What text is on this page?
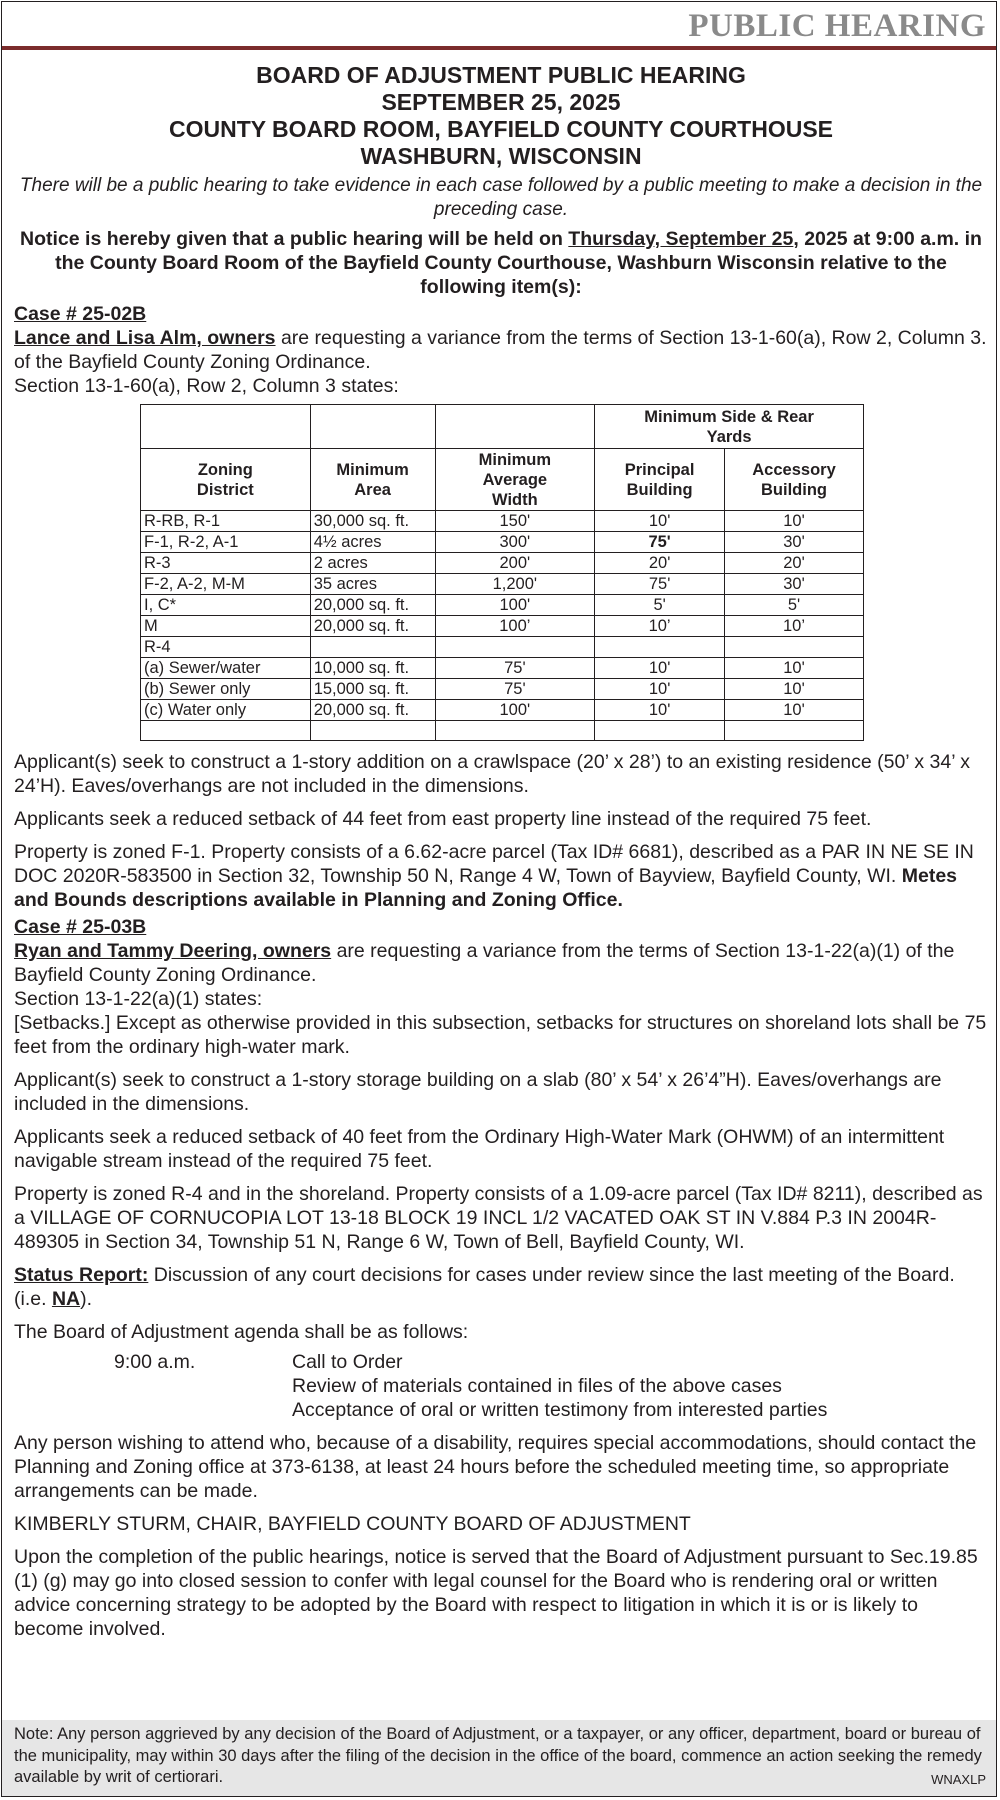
PUBLIC HEARING
BOARD OF ADJUSTMENT PUBLIC HEARING
SEPTEMBER 25, 2025
COUNTY BOARD ROOM, BAYFIELD COUNTY COURTHOUSE
WASHBURN, WISCONSIN

There will be a public hearing to take evidence in each case followed by a public meeting to make a decision in the preceding case.

Notice is hereby given that a public hearing will be held on Thursday, September 25, 2025 at 9:00 a.m. in the County Board Room of the Bayfield County Courthouse, Washburn Wisconsin relative to the following item(s):

Case # 25-02B

Lance and Lisa Alm, owners are requesting a variance from the terms of Section 13-1-60(a), Row 2, Column 3. of the Bayfield County Zoning Ordinance.

Section 13-1-60(a), Row 2, Column 3 states:

			Minimum Side & Rear Yards	
Zoning District	Minimum Area	Minimum Average Width	Principal Building	Accessory Building
R-RB, R-1	30,000 sq. ft.	150'	10'	10'
F-1, R-2, A-1	4½ acres	300'	75'	30'
R-3	2 acres	200'	20'	20'
F-2, A-2, M-M	35 acres	1,200'	75'	30'
I, C*	20,000 sq. ft.	100'	5'	5'
M	20,000 sq. ft.	100’	10’	10’
R-4				
(a) Sewer/water	10,000 sq. ft.	75'	10'	10'
(b) Sewer only	15,000 sq. ft.	75'	10'	10'
(c) Water only	20,000 sq. ft.	100'	10'	10'

Applicant(s) seek to construct a 1-story addition on a crawlspace (20’ x 28’) to an existing residence (50’ x 34’ x 24’H). Eaves/overhangs are not included in the dimensions.

Applicants seek a reduced setback of 44 feet from east property line instead of the required 75 feet.

Property is zoned F-1. Property consists of a 6.62-acre parcel (Tax ID# 6681), described as a PAR IN NE SE IN DOC 2020R-583500 in Section 32, Township 50 N, Range 4 W, Town of Bayview, Bayfield County, WI. Metes and Bounds descriptions available in Planning and Zoning Office.

Case # 25-03B

Ryan and Tammy Deering, owners are requesting a variance from the terms of Section 13-1-22(a)(1) of the Bayfield County Zoning Ordinance.

Section 13-1-22(a)(1) states:

[Setbacks.] Except as otherwise provided in this subsection, setbacks for structures on shoreland lots shall be 75 feet from the ordinary high-water mark.

Applicant(s) seek to construct a 1-story storage building on a slab (80’ x 54’ x 26’4”H). Eaves/overhangs are included in the dimensions.

Applicants seek a reduced setback of 40 feet from the Ordinary High-Water Mark (OHWM) of an intermittent navigable stream instead of the required 75 feet.

Property is zoned R-4 and in the shoreland. Property consists of a 1.09-acre parcel (Tax ID# 8211), described as a VILLAGE OF CORNUCOPIA LOT 13-18 BLOCK 19 INCL 1/2 VACATED OAK ST IN V.884 P.3 IN 2004R-489305 in Section 34, Township 51 N, Range 6 W, Town of Bell, Bayfield County, WI.

Status Report: Discussion of any court decisions for cases under review since the last meeting of the Board. (i.e. NA).

The Board of Adjustment agenda shall be as follows:

9:00 a.m.	Call to Order
Review of materials contained in files of the above cases
Acceptance of oral or written testimony from interested parties

Any person wishing to attend who, because of a disability, requires special accommodations, should contact the Planning and Zoning office at 373-6138, at least 24 hours before the scheduled meeting time, so appropriate arrangements can be made.

KIMBERLY STURM, CHAIR, BAYFIELD COUNTY BOARD OF ADJUSTMENT

Upon the completion of the public hearings, notice is served that the Board of Adjustment pursuant to Sec.19.85 (1) (g) may go into closed session to confer with legal counsel for the Board who is rendering oral or written advice concerning strategy to be adopted by the Board with respect to litigation in which it is or is likely to become involved.

Note: Any person aggrieved by any decision of the Board of Adjustment, or a taxpayer, or any officer, department, board or bureau of the municipality, may within 30 days after the filing of the decision in the office of the board, commence an action seeking the remedy available by writ of certiorari.	WNAXLP
